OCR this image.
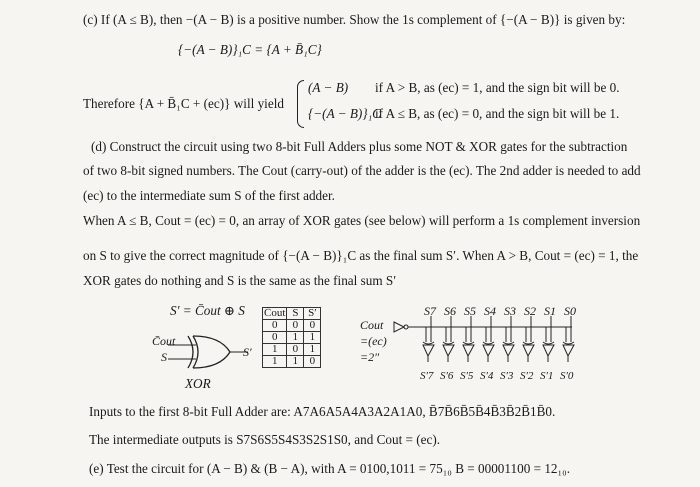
(c) If (A ≤ B), then −(A − B) is a positive number. Show the 1s complement of {−(A − B)} is given by:
{−(A − B)}₁C = {A + B̄₁C}
Therefore {A + B̄₁C + (ec)} will yield
(A − B) if A > B, as (ec) = 1, and the sign bit will be 0.
{−(A − B)}₁C
if A ≤ B, as (ec) = 0, and the sign bit will be 1.
(d) Construct the circuit using two 8-bit Full Adders plus some NOT & XOR gates for the subtraction
of two 8-bit signed numbers. The Cout (carry-out) of the adder is the (ec). The 2nd adder is needed to add
(ec) to the intermediate sum S of the first adder.
When A ≤ B, Cout = (ec) = 0, an array of XOR gates (see below) will perform a 1s complement inversion
on S to give the correct magnitude of {−(A − B)}₁C as the final sum S′. When A > B, Cout = (ec) = 1, the
XOR gates do nothing and S is the same as the final sum S′
S′ = C̄out ⊕ S C̄out	S	S′
0	0	0
0	1	1
1	0	1
1	1	0
C̄out
S	S′
XOR
Cout
=(ec)
=2″
S7 S6 S5 S4 S3 S2 S1 S0
S′7 S′6 S′5 S′4 S′3 S′2 S′1 S′0
Inputs to the first 8-bit Full Adder are: A7A6A5A4A3A2A1A0, B̄7B̄6B̄5B̄4B̄3B̄2B̄1B̄0.
The intermediate outputs is S7S6S5S4S3S2S1S0, and Cout = (ec).
(e) Test the circuit for (A − B) & (B − A), with A = 0100,1011 = 75₁₀ B = 00001100 = 12₁₀.
